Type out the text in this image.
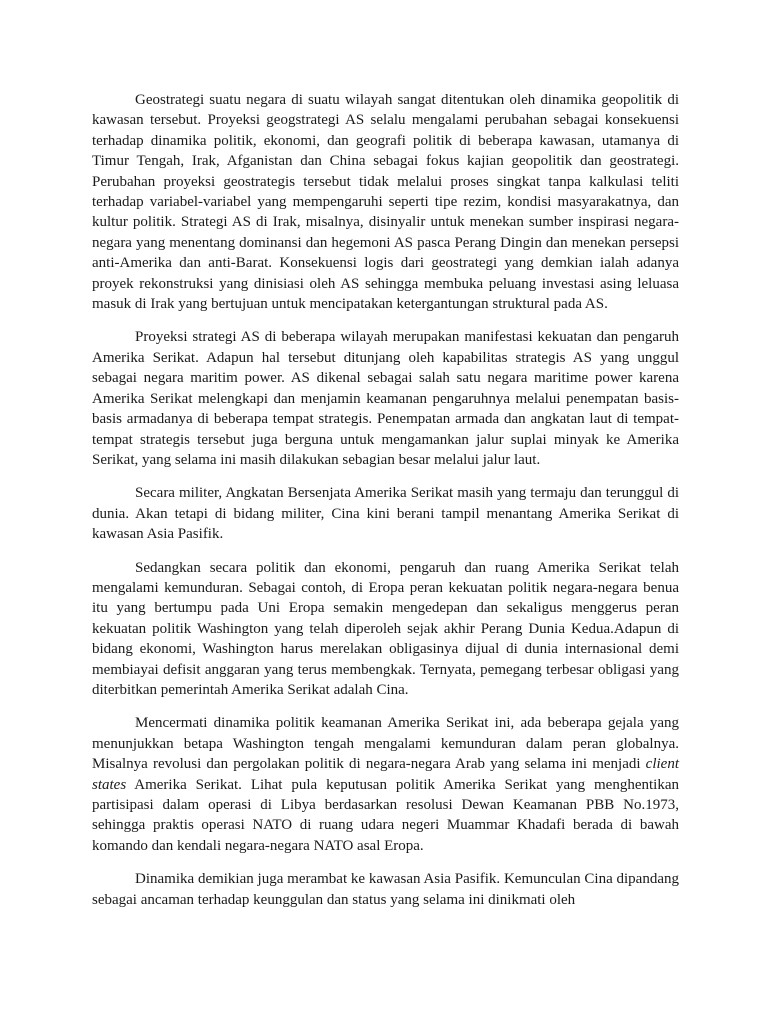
Geostrategi suatu negara di suatu wilayah sangat ditentukan oleh dinamika geopolitik di kawasan tersebut. Proyeksi geogstrategi AS selalu mengalami perubahan sebagai konsekuensi terhadap dinamika politik, ekonomi, dan geografi politik di beberapa kawasan, utamanya di Timur Tengah, Irak, Afganistan dan China sebagai fokus kajian geopolitik dan geostrategi. Perubahan proyeksi geostrategis tersebut tidak melalui proses singkat tanpa kalkulasi teliti terhadap variabel-variabel yang mempengaruhi seperti tipe rezim, kondisi masyarakatnya, dan kultur politik. Strategi AS di Irak, misalnya, disinyalir untuk menekan sumber inspirasi negara-negara yang menentang dominansi dan hegemoni AS pasca Perang Dingin dan menekan persepsi anti-Amerika dan anti-Barat. Konsekuensi logis dari geostrategi yang demkian ialah adanya proyek rekonstruksi yang dinisiasi oleh AS sehingga membuka peluang investasi asing leluasa masuk di Irak yang bertujuan untuk mencipatakan ketergantungan struktural pada AS.

Proyeksi strategi AS di beberapa wilayah merupakan manifestasi kekuatan dan pengaruh Amerika Serikat. Adapun hal tersebut ditunjang oleh kapabilitas strategis AS yang unggul sebagai negara maritim power. AS dikenal sebagai salah satu negara maritime power karena Amerika Serikat melengkapi dan menjamin keamanan pengaruhnya melalui penempatan basis-basis armadanya di beberapa tempat strategis. Penempatan armada dan angkatan laut di tempat-tempat strategis tersebut juga berguna untuk mengamankan jalur suplai minyak ke Amerika Serikat, yang selama ini masih dilakukan sebagian besar melalui jalur laut.

Secara militer, Angkatan Bersenjata Amerika Serikat masih yang termaju dan terunggul di dunia. Akan tetapi di bidang militer, Cina kini berani tampil menantang Amerika Serikat di kawasan Asia Pasifik.

Sedangkan secara politik dan ekonomi, pengaruh dan ruang Amerika Serikat telah mengalami kemunduran. Sebagai contoh, di Eropa peran kekuatan politik negara-negara benua itu yang bertumpu pada Uni Eropa semakin mengedepan dan sekaligus menggerus peran kekuatan politik Washington yang telah diperoleh sejak akhir Perang Dunia Kedua.Adapun di bidang ekonomi, Washington harus merelakan obligasinya dijual di dunia internasional demi membiayai defisit anggaran yang terus membengkak. Ternyata, pemegang terbesar obligasi yang diterbitkan pemerintah Amerika Serikat adalah Cina.

Mencermati dinamika politik keamanan Amerika Serikat ini, ada beberapa gejala yang menunjukkan betapa Washington tengah mengalami kemunduran dalam peran globalnya. Misalnya revolusi dan pergolakan politik di negara-negara Arab yang selama ini menjadi client states Amerika Serikat. Lihat pula keputusan politik Amerika Serikat yang menghentikan partisipasi dalam operasi di Libya berdasarkan resolusi Dewan Keamanan PBB No.1973, sehingga praktis operasi NATO di ruang udara negeri Muammar Khadafi berada di bawah komando dan kendali negara-negara NATO asal Eropa.

Dinamika demikian juga merambat ke kawasan Asia Pasifik. Kemunculan Cina dipandang sebagai ancaman terhadap keunggulan dan status yang selama ini dinikmati oleh
